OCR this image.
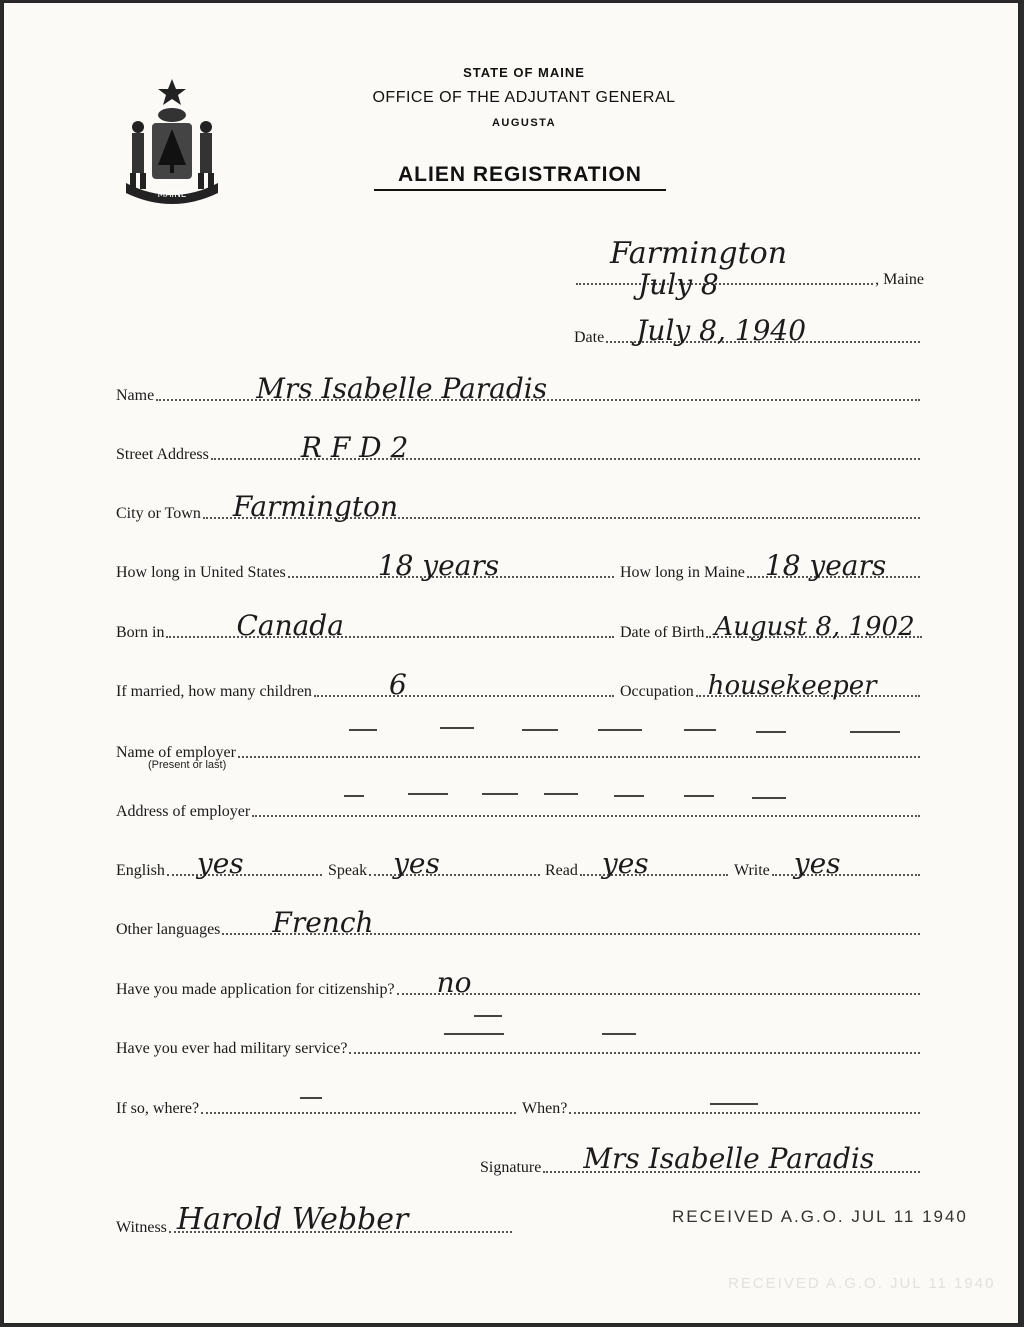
MAINE
STATE OF MAINE
OFFICE OF THE ADJUTANT GENERAL
AUGUSTA
ALIEN REGISTRATION
Farmington
July 8	, Maine
Date July 8, 1940
Name	Mrs Isabelle Paradis
Street Address	R F D 2
City or Town Farmington
How long in United States	18 years	How long in Maine 18 years
Born in	Canada	Date of Birth August 8, 1902
If married, how many children	6	Occupation housekeeper
Name of employer
(Present or last)
Address of employer
English yes	Speak yes	Read yes	Write yes
Other languages French
Have you made application for citizenship? no
Have you ever had military service?
If so, where?	When?
Signature Mrs Isabelle Paradis
Witness Harold Webber	RECEIVED A.G.O. JUL 11 1940
RECEIVED A.G.O. JUL 11 1940
